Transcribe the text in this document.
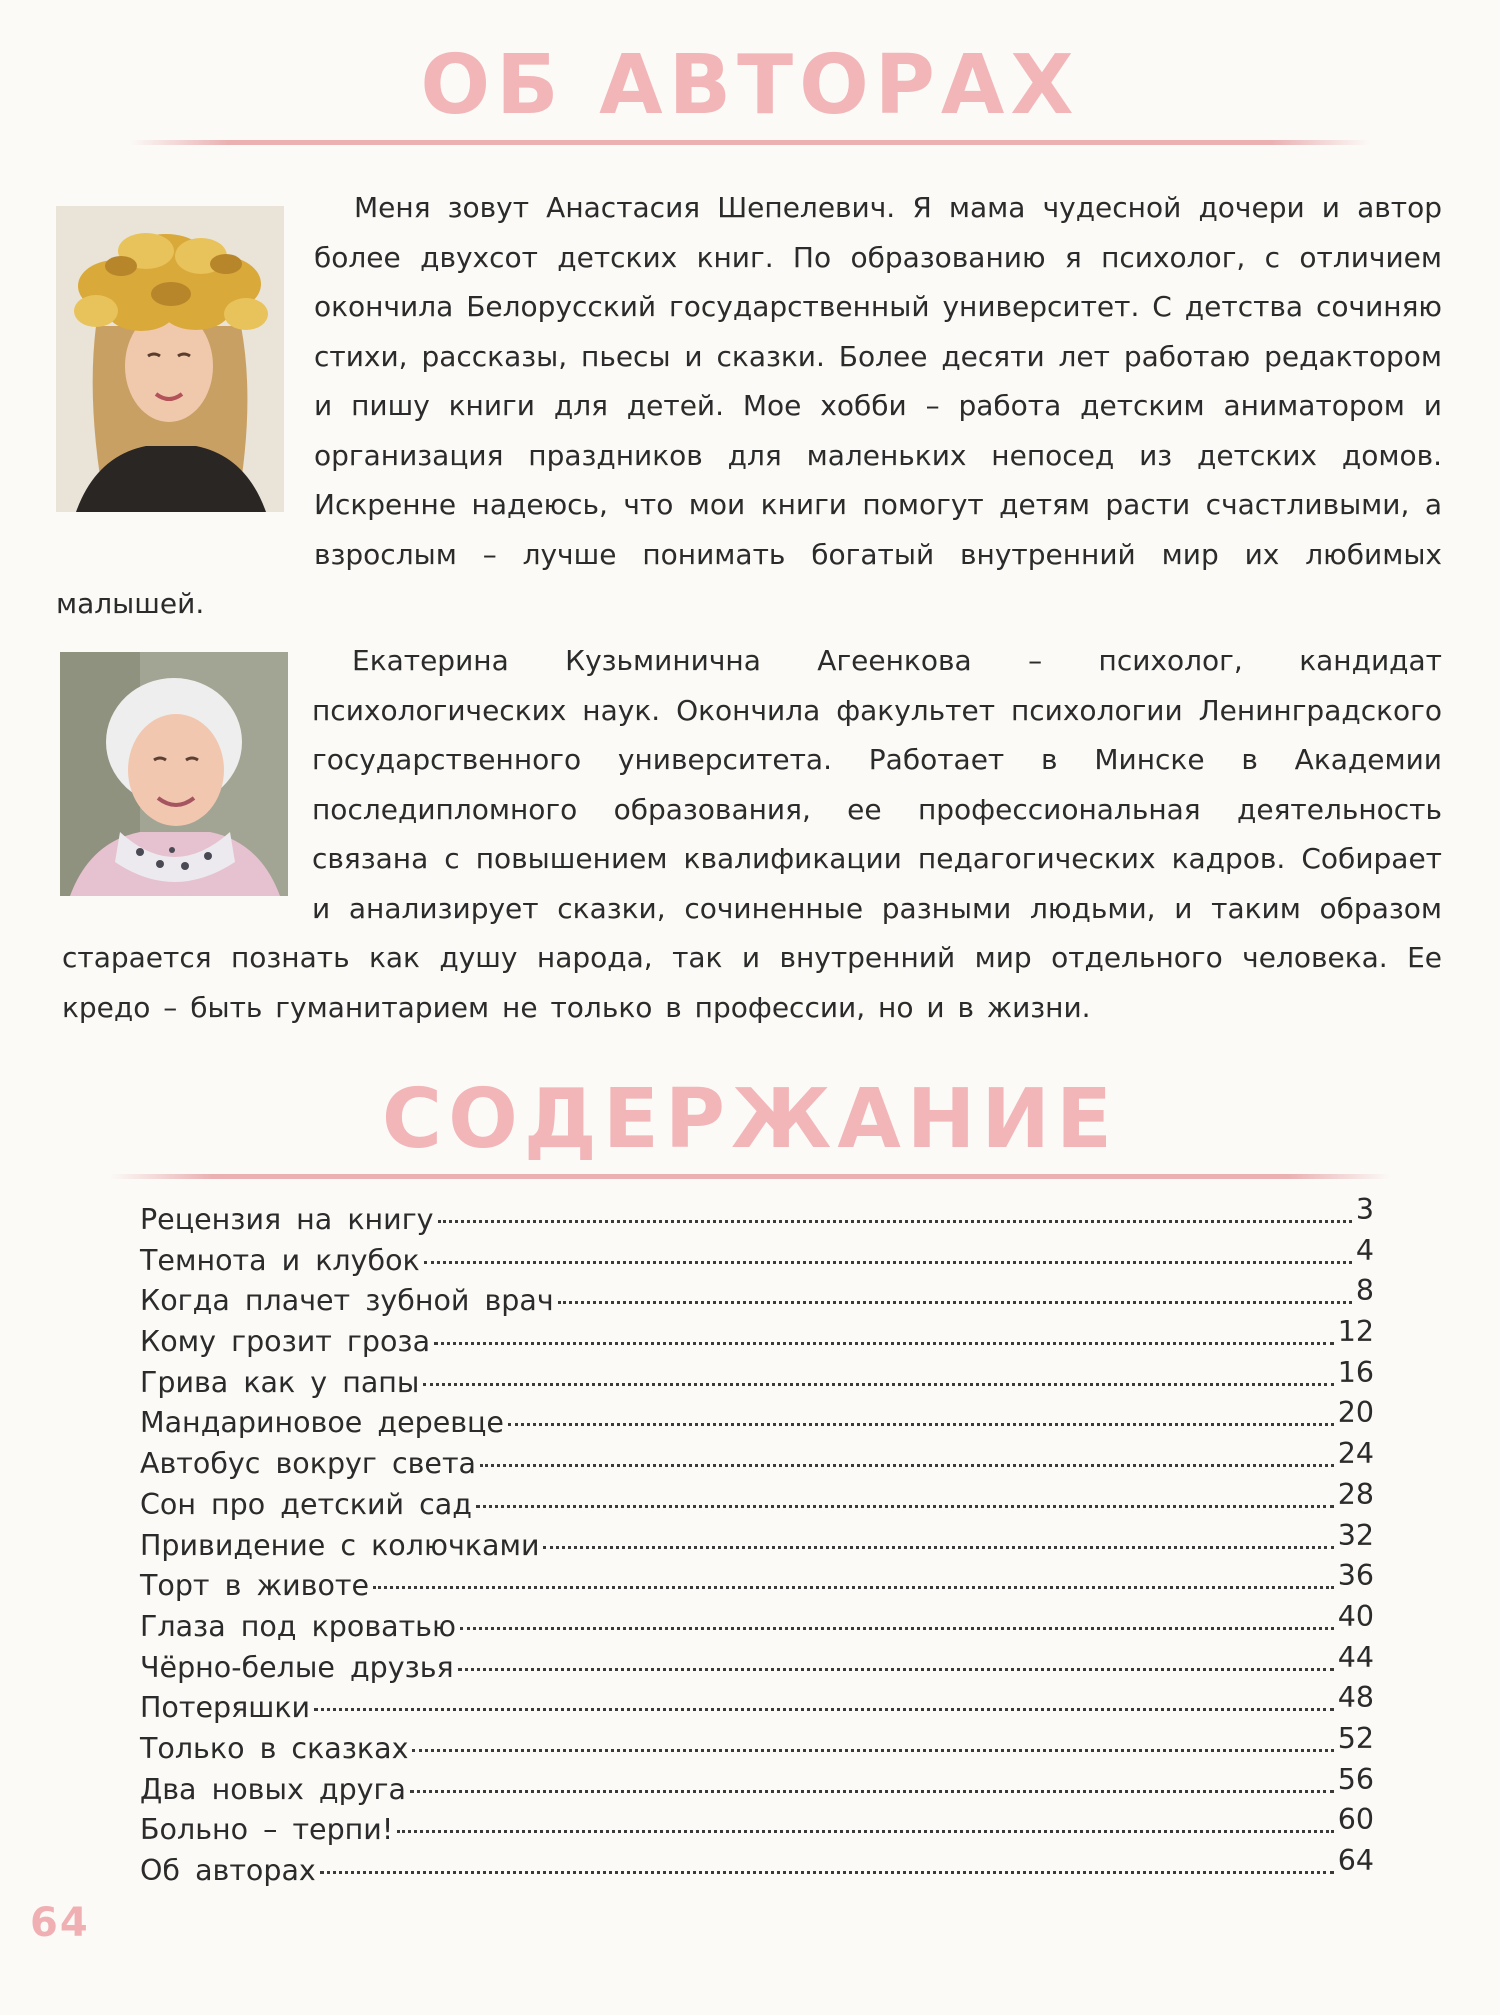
ОБ АВТОРАХ
Меня зовут Анастасия Шепелевич. Я мама чудесной дочери и автор более двухсот детских книг. По образованию я психолог, с отличием окончила Белорусский государственный университет. С детства сочиняю стихи, рассказы, пьесы и сказки. Более десяти лет работаю редактором и пишу книги для детей. Мое хобби – работа детским аниматором и организация праздников для маленьких непосед из детских домов. Искренне надеюсь, что мои книги помогут детям расти счастливыми, а взрослым – лучше понимать богатый внутренний мир их любимых малышей.
Екатерина Кузьминична Агеенкова – психолог, кандидат психологических наук. Окончила факультет психологии Ленинградского государственного университета. Работает в Минске в Академии последипломного образования, ее профессиональная деятельность связана с повышением квалификации педагогических кадров. Собирает и анализирует сказки, сочиненные разными людьми, и таким образом старается познать как душу народа, так и внутренний мир отдельного человека. Ее кредо – быть гуманитарием не только в профессии, но и в жизни.
СОДЕРЖАНИЕ
Рецензия на книгу	3
Темнота и клубок	4
Когда плачет зубной врач	8
Кому грозит гроза	12
Грива как у папы	16
Мандариновое деревце	20
Автобус вокруг света	24
Сон про детский сад	28
Привидение с колючками	32
Торт в животе	36
Глаза под кроватью	40
Чёрно-белые друзья	44
Потеряшки	48
Только в сказках	52
Два новых друга	56
Больно – терпи!	60
Об авторах	64
64
